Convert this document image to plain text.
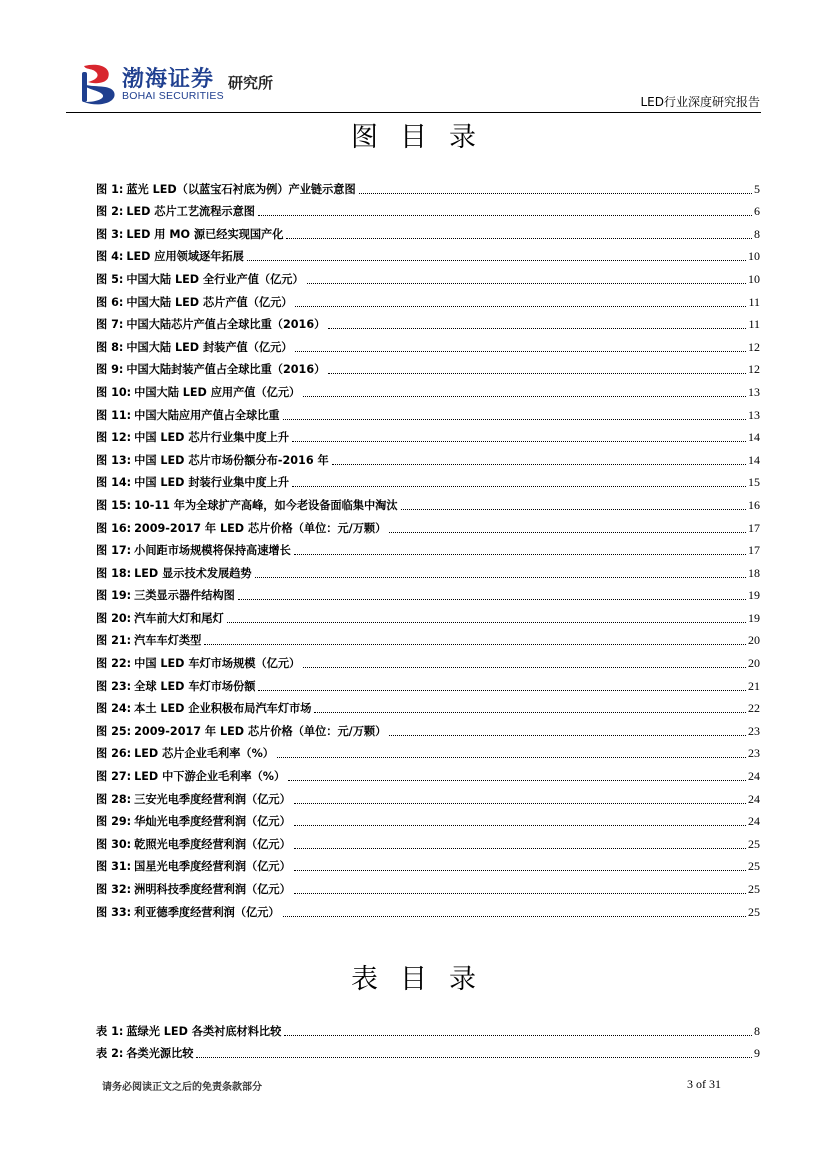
渤海证券
BOHAI SECURITIES
研究所
LED行业深度研究报告
图目录
图 1: 蓝光 LED（以蓝宝石衬底为例）产业链示意图	5
图 2: LED 芯片工艺流程示意图	6
图 3: LED 用 MO 源已经实现国产化	8
图 4: LED 应用领域逐年拓展	10
图 5: 中国大陆 LED 全行业产值（亿元）	10
图 6: 中国大陆 LED 芯片产值（亿元）	11
图 7: 中国大陆芯片产值占全球比重（2016）	11
图 8: 中国大陆 LED 封装产值（亿元）	12
图 9: 中国大陆封装产值占全球比重（2016）	12
图 10: 中国大陆 LED 应用产值（亿元）	13
图 11: 中国大陆应用产值占全球比重	13
图 12: 中国 LED 芯片行业集中度上升	14
图 13: 中国 LED 芯片市场份额分布-2016 年	14
图 14: 中国 LED 封装行业集中度上升	15
图 15: 10-11 年为全球扩产高峰，如今老设备面临集中淘汰	16
图 16: 2009-2017 年 LED 芯片价格（单位：元/万颗）	17
图 17: 小间距市场规模将保持高速增长	17
图 18: LED 显示技术发展趋势	18
图 19: 三类显示器件结构图	19
图 20: 汽车前大灯和尾灯	19
图 21: 汽车车灯类型	20
图 22: 中国 LED 车灯市场规模（亿元）	20
图 23: 全球 LED 车灯市场份额	21
图 24: 本土 LED 企业积极布局汽车灯市场	22
图 25: 2009-2017 年 LED 芯片价格（单位：元/万颗）	23
图 26: LED 芯片企业毛利率（%）	23
图 27: LED 中下游企业毛利率（%）	24
图 28: 三安光电季度经营利润（亿元）	24
图 29: 华灿光电季度经营利润（亿元）	24
图 30: 乾照光电季度经营利润（亿元）	25
图 31: 国星光电季度经营利润（亿元）	25
图 32: 洲明科技季度经营利润（亿元）	25
图 33: 利亚德季度经营利润（亿元）	25
表目录
表 1: 蓝绿光 LED 各类衬底材料比较	8
表 2: 各类光源比较	9
请务必阅读正文之后的免责条款部分	3 of 31
